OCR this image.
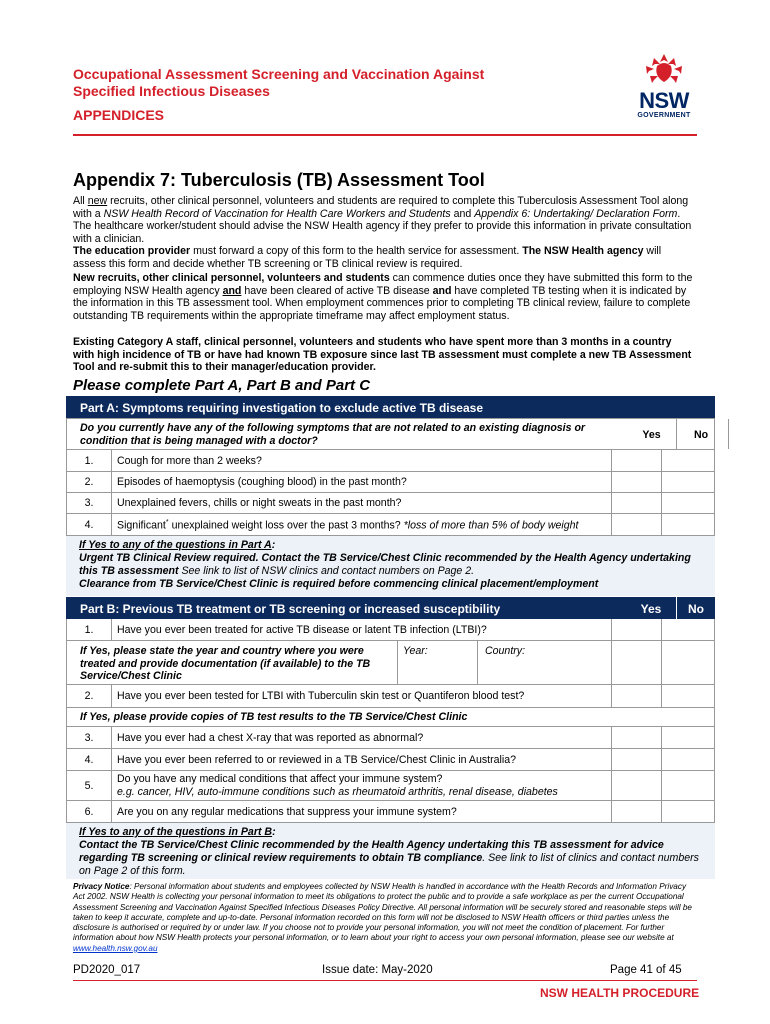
Occupational Assessment Screening and Vaccination Against
Specified Infectious Diseases
APPENDICES
NSW
GOVERNMENT
Appendix 7: Tuberculosis (TB) Assessment Tool
All new recruits, other clinical personnel, volunteers and students are required to complete this Tuberculosis Assessment Tool along with a NSW Health Record of Vaccination for Health Care Workers and Students and Appendix 6: Undertaking/ Declaration Form. The healthcare worker/student should advise the NSW Health agency if they prefer to provide this information in private consultation with a clinician.
The education provider must forward a copy of this form to the health service for assessment. The NSW Health agency will assess this form and decide whether TB screening or TB clinical review is required.
New recruits, other clinical personnel, volunteers and students can commence duties once they have submitted this form to the employing NSW Health agency and have been cleared of active TB disease and have completed TB testing when it is indicated by the information in this TB assessment tool. When employment commences prior to completing TB clinical review, failure to complete outstanding TB requirements within the appropriate timeframe may affect employment status.
Existing Category A staff, clinical personnel, volunteers and students who have spent more than 3 months in a country with high incidence of TB or have had known TB exposure since last TB assessment must complete a new TB Assessment Tool and re-submit this to their manager/education provider.
Please complete Part A, Part B and Part C
Part A: Symptoms requiring investigation to exclude active TB disease
Do you currently have any of the following symptoms that are not related to an existing diagnosis or condition that is being managed with a doctor?	Yes	No
1.	Cough for more than 2 weeks?
2.	Episodes of haemoptysis (coughing blood) in the past month?
3.	Unexplained fevers, chills or night sweats in the past month?
4.	Significant* unexplained weight loss over the past 3 months? *loss of more than 5% of body weight
If Yes to any of the questions in Part A:
Urgent TB Clinical Review required. Contact the TB Service/Chest Clinic recommended by the Health Agency undertaking this TB assessment See link to list of NSW clinics and contact numbers on Page 2.
Clearance from TB Service/Chest Clinic is required before commencing clinical placement/employment
Part B: Previous TB treatment or TB screening or increased susceptibility	Yes	No
1.	Have you ever been treated for active TB disease or latent TB infection (LTBI)?
If Yes, please state the year and country where you were treated and provide documentation (if available) to the TB Service/Chest Clinic
Year:	Country:
2.	Have you ever been tested for LTBI with Tuberculin skin test or Quantiferon blood test?
If Yes, please provide copies of TB test results to the TB Service/Chest Clinic
3.	Have you ever had a chest X-ray that was reported as abnormal?
4.	Have you ever been referred to or reviewed in a TB Service/Chest Clinic in Australia?
5.
Do you have any medical conditions that affect your immune system?
e.g. cancer, HIV, auto-immune conditions such as rheumatoid arthritis, renal disease, diabetes
6.	Are you on any regular medications that suppress your immune system?
If Yes to any of the questions in Part B:
Contact the TB Service/Chest Clinic recommended by the Health Agency undertaking this TB assessment for advice regarding TB screening or clinical review requirements to obtain TB compliance. See link to list of clinics and contact numbers on Page 2 of this form.
Privacy Notice: Personal information about students and employees collected by NSW Health is handled in accordance with the Health Records and Information Privacy Act 2002. NSW Health is collecting your personal information to meet its obligations to protect the public and to provide a safe workplace as per the current Occupational Assessment Screening and Vaccination Against Specified Infectious Diseases Policy Directive. All personal information will be securely stored and reasonable steps will be taken to keep it accurate, complete and up-to-date. Personal information recorded on this form will not be disclosed to NSW Health officers or third parties unless the disclosure is authorised or required by or under law. If you choose not to provide your personal information, you will not meet the condition of placement. For further information about how NSW Health protects your personal information, or to learn about your right to access your own personal information, please see our website at www.health.nsw.gov.au
PD2020_017	Issue date: May-2020	Page 41 of 45
NSW HEALTH PROCEDURE
